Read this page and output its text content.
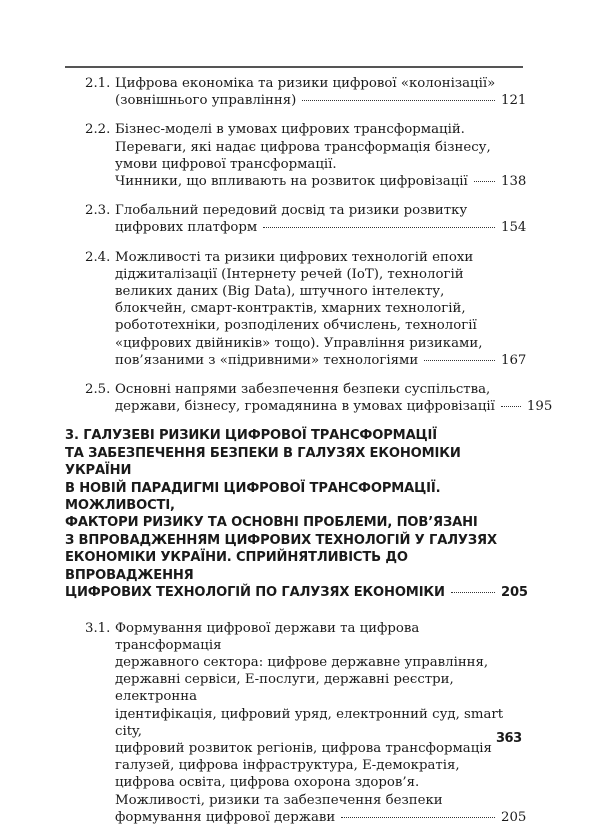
2.1. Цифрова економіка та ризики цифрової «колонізації»
(зовнішнього управління)	121
2.2. Бізнес-моделі в умовах цифрових трансформацій.
Переваги, які надає цифрова трансформація бізнесу,
умови цифрової трансформації.
Чинники, що впливають на розвиток цифровізації 138
2.3. Глобальний передовий досвід та ризики розвитку
цифрових платформ	154
2.4. Можливості та ризики цифрових технологій епохи
діджиталізації (Інтернету речей (IoT), технологій
великих даних (Big Data), штучного інтелекту,
блокчейн, смарт-контрактів, хмарних технологій,
робототехніки, розподілених обчислень, технології
«цифрових двійників» тощо). Управління ризиками,
пов’язаними з «підривними» технологіями	167
2.5. Основні напрями забезпечення безпеки суспільства,
держави, бізнесу, громадянина в умовах цифровізації 195
3. ГАЛУЗЕВІ РИЗИКИ ЦИФРОВОЇ ТРАНСФОРМАЦІЇ
ТА ЗАБЕЗПЕЧЕННЯ БЕЗПЕКИ В ГАЛУЗЯХ ЕКОНОМІКИ УКРАЇНИ
В НОВІЙ ПАРАДИГМІ ЦИФРОВОЇ ТРАНСФОРМАЦІЇ. МОЖЛИВОСТІ,
ФАКТОРИ РИЗИКУ ТА ОСНОВНІ ПРОБЛЕМИ, ПОВ’ЯЗАНІ
З ВПРОВАДЖЕННЯМ ЦИФРОВИХ ТЕХНОЛОГІЙ У ГАЛУЗЯХ
ЕКОНОМІКИ УКРАЇНИ. СПРИЙНЯТЛИВІСТЬ ДО ВПРОВАДЖЕННЯ
ЦИФРОВИХ ТЕХНОЛОГІЙ ПО ГАЛУЗЯХ ЕКОНОМІКИ	205
3.1. Формування цифрової держави та цифрова трансформація
державного сектора: цифрове державне управління,
державні сервіси, Е-послуги, державні реєстри, електронна
ідентифікація, цифровий уряд, електронний суд, smart city,
цифровий розвиток регіонів, цифрова трансформація
галузей, цифрова інфраструктура, Е-демократія,
цифрова освіта, цифрова охорона здоров’я.
Можливості, ризики та забезпечення безпеки
формування цифрової держави	205
363
